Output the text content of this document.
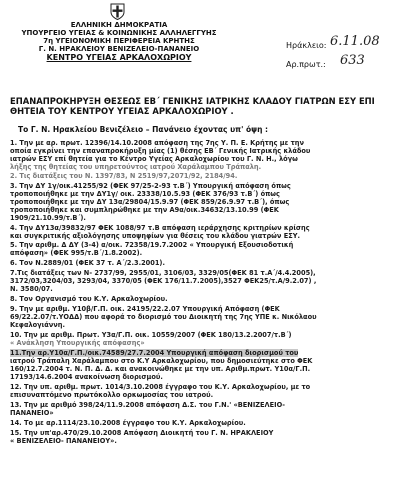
ΕΛΛΗΝΙΚΗ ΔΗΜΟΚΡΑΤΙΑ
ΥΠΟΥΡΓΕΙΟ ΥΓΕΙΑΣ & ΚΟΙΝΩΝΙΚΗΣ ΑΛΛΗΛΕΓΓΥΗΣ
7η ΥΓΕΙΟΝΟΜΙΚΗ ΠΕΡΙΦΕΡΕΙΑ ΚΡΗΤΗΣ
Γ. Ν. ΗΡΑΚΛΕΙΟΥ ΒΕΝΙΖΕΛΕΙΟ-ΠΑΝΑΝΕΙΟ
ΚΕΝΤΡΟ ΥΓΕΙΑΣ ΑΡΚΑΛΟΧΩΡΙΟΥ
Ηράκλειο: 6.11.08
Αρ.πρωτ.: 633
ΕΠΑΝΑΠΡΟΚΗΡΥΞΗ ΘΕΣΕΩΣ ΕΒ΄ ΓΕΝΙΚΗΣ ΙΑΤΡΙΚΗΣ ΚΛΑΔΟΥ ΓΙΑΤΡΩΝ ΕΣΥ ΕΠΙ
ΘΗΤΕΙΑ ΤΟΥ ΚΕΝΤΡΟΥ ΥΓΕΙΑΣ ΑΡΚΑΛΟΧΩΡΙΟΥ .
Το Γ. Ν. Ηρακλείου Βενιζέλειο – Πανάνειο έχοντας υπ' όψη :
1. Την με αρ. πρωτ. 12396/14.10.2008 απόφαση της 7ης Υ. Π. Ε. Κρήτης με την
οποία εγκρίνει την επαναπροκήρυξη μίας (1) θέσης ΕΒ΄ Γενικής Ιατρικής κλάδου
ιατρών ΕΣΥ επί θητεία για το Κέντρο Υγείας Αρκαλοχωρίου του Γ. Ν. Η., λόγω
λήξης της θητείας του υπηρετούντος ιατρού Χαράλαμπου Τράπαλη.
2. Τις διατάξεις του Ν. 1397/83, Ν 2519/97,2071/92, 2184/94.
3. Την ΔΥ 1γ/οικ.41255/92 (ΦΕΚ 97/25-2-93 τ.Β΄) Υπουργική απόφαση όπως
τροποποιήθηκε με την ΔΥ1γ/ οικ. 23338/10.5.93 (ΦΕΚ 376/93 τ.Β΄) όπως
τροποποιήθηκε με την ΔΥ 13α/29804/15.9.97 (ΦΕΚ 859/26.9.97 τ.Β΄), όπως
τροποποιήθηκε και συμπληρώθηκε με την Α9α/οικ.34632/13.10.99 (ΦΕΚ
1909/21.10.99/τ.Β΄).
4. Την ΔΥ13α/39832/97 ΦΕΚ 1088/97 τ.Β απόφαση ιεράρχησης κριτηρίων κρίσης
και συγκριτικής αξιολόγησης υποψηφίων για θέσεις του κλάδου γιατρών ΕΣΥ.
5. Την αριθμ. Δ ΔΥ (3-4) α/οικ. 72358/19.7.2002 « Υπουργική Εξουσιοδοτική
απόφαση» (ΦΕΚ 995/τ.Β΄/1.8.2002).
6. Τον Ν.2889/01 (ΦΕΚ 37 τ. Α΄/2.3.2001).
7.Τις διατάξεις των Ν- 2737/99, 2955/01, 3106/03, 3329/05(ΦΕΚ 81 τ.Α΄/4.4.2005),
3172/03,3204/03, 3293/04, 3370/05 (ΦΕΚ 176/11.7.2005),3527 ΦΕΚ25/τ.Α/9.2.07) ,
Ν. 3580/07.
8. Τον Οργανισμό του Κ.Υ. Αρκαλοχωρίου.
9. Την με αριθμ. Υ10β/Γ.Π. οικ. 24195/22.2.07 Υπουργική Απόφαση (ΦΕΚ
69/22.2.07/τ.ΥΟΔΔ) που αφορά το διορισμό του Διοικητή της 7ης ΥΠΕ κ. Νικόλαου
Κεφαλογιάννη.
10. Την με αριθμ. Πρωτ. Υ3α/Γ.Π. οικ. 10559/2007 (ΦΕΚ 180/13.2.2007/τ.Β΄)
« Ανάκληση Υπουργικής απόφασης»
11.Την αρ.Υ10α/Γ.Π./οικ.74589/27.7.2004 Υπουργική απόφαση διορισμού του
ιατρού Τράπαλη Χαράλαμπου στο Κ.Υ Αρκαλοχωρίου, που δημοσιεύτηκε στο ΦΕΚ
160/12.7.2004 τ. Ν. Π. Δ. Δ. και ανακοινώθηκε με την υπ. Αριθμ.πρωτ. Υ10α/Γ.Π.
17193/14.6.2004 ανακοίνωση διορισμού.
12. Την υπ. αριθμ. πρωτ. 1014/3.10.2008 έγγραφο του Κ.Υ. Αρκαλοχωρίου, με το
επισυναπτόμενο πρωτόκολλο ορκωμοσίας του ιατρού.
13. Την με αριθμό 398/24/11.9.2008 απόφαση Δ.Σ. του Γ.Ν.' «ΒΕΝΙΖΕΛΕΙΟ-
ΠΑΝΑΝΕΙΟ»
14. Το με αρ.1114/23.10.2008 έγγραφο του Κ.Υ. Αρκαλοχωρίου.
15. Την υπ'αρ.470/29.10.2008 Απόφαση Διοικητή του Γ. Ν. ΗΡΑΚΛΕΙΟΥ
« ΒΕΝΙΖΕΛΕΙΟ- ΠΑΝΑΝΕΙΟΥ».
